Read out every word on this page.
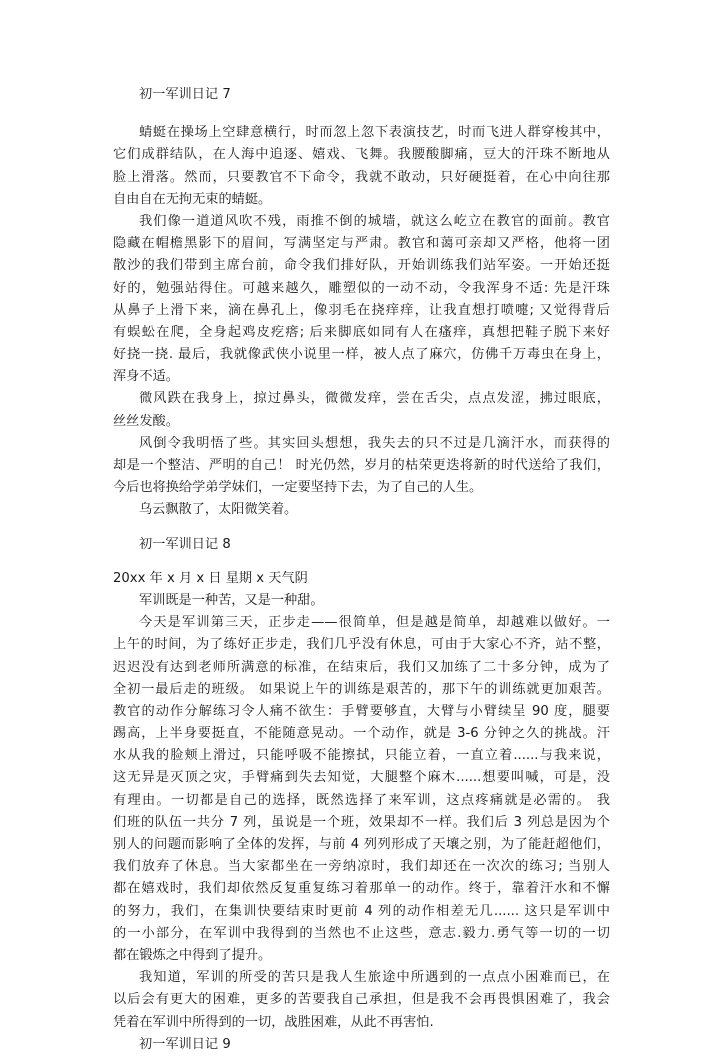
初一军训日记 7
蜻蜓在操场上空肆意横行，时而忽上忽下表演技艺，时而飞进人群穿梭其中，
它们成群结队，在人海中追逐、嬉戏、飞舞。我腰酸脚痛，豆大的汗珠不断地从
脸上滑落。然而，只要教官不下命令，我就不敢动，只好硬挺着，在心中向往那
自由自在无拘无束的蜻蜓。
我们像一道道风吹不残，雨推不倒的城墙，就这么屹立在教官的面前。教官
隐藏在帽檐黑影下的眉间，写满坚定与严肃。教官和蔼可亲却又严格，他将一团
散沙的我们带到主席台前，命令我们排好队，开始训练我们站军姿。一开始还挺
好的，勉强站得住。可越来越久，雕塑似的一动不动，令我浑身不适: 先是汗珠
从鼻子上滑下来，滴在鼻孔上，像羽毛在挠痒痒，让我直想打喷嚏; 又觉得背后
有蜈蚣在爬，全身起鸡皮疙瘩; 后来脚底如同有人在瘙痒，真想把鞋子脱下来好
好挠一挠. 最后，我就像武侠小说里一样，被人点了麻穴，仿佛千万毒虫在身上，
浑身不适。
微风跌在我身上，掠过鼻头，微微发痒，尝在舌尖，点点发涩，拂过眼底，
丝丝发酸。
风倒令我明悟了些。其实回头想想，我失去的只不过是几滴汗水，而获得的
却是一个整洁、严明的自己！ 时光仍然，岁月的枯荣更迭将新的时代送给了我们，
今后也将换给学弟学妹们，一定要坚持下去，为了自己的人生。
乌云飘散了，太阳微笑着。
初一军训日记 8
20xx 年 x 月 x 日 星期 x 天气阴
军训既是一种苦，又是一种甜。
今天是军训第三天，正步走——很简单，但是越是简单，却越难以做好。一
上午的时间，为了练好正步走，我们几乎没有休息，可由于大家心不齐，站不整，
迟迟没有达到老师所满意的标准，在结束后，我们又加练了二十多分钟，成为了
全初一最后走的班级。 如果说上午的训练是艰苦的，那下午的训练就更加艰苦。
教官的动作分解练习令人痛不欲生：手臂要够直，大臂与小臂续呈 90 度，腿要
踢高，上半身要挺直，不能随意晃动。一个动作，就是 3-6 分钟之久的挑战。汗
水从我的脸颊上滑过，只能呼吸不能擦拭，只能立着，一直立着......与我来说，
这无异是灭顶之灾，手臂痛到失去知觉，大腿整个麻木......想要叫喊，可是，没
有理由。一切都是自己的选择，既然选择了来军训，这点疼痛就是必需的。 我
们班的队伍一共分 7 列，虽说是一个班，效果却不一样。我们后 3 列总是因为个
别人的问题而影响了全体的发挥，与前 4 列列形成了天壤之别，为了能赶超他们，
我们放弃了休息。当大家都坐在一旁纳凉时，我们却还在一次次的练习; 当别人
都在嬉戏时，我们却依然反复重复练习着那单一的动作。终于，靠着汗水和不懈
的努力，我们，在集训快要结束时更前 4 列的动作相差无几...... 这只是军训中
的一小部分，在军训中我得到的当然也不止这些，意志.毅力.勇气等一切的一切
都在锻炼之中得到了提升。
我知道，军训的所受的苦只是我人生旅途中所遇到的一点点小困难而已，在
以后会有更大的困难，更多的苦要我自己承担，但是我不会再畏惧困难了，我会
凭着在军训中所得到的一切，战胜困难，从此不再害怕.
初一军训日记 9
